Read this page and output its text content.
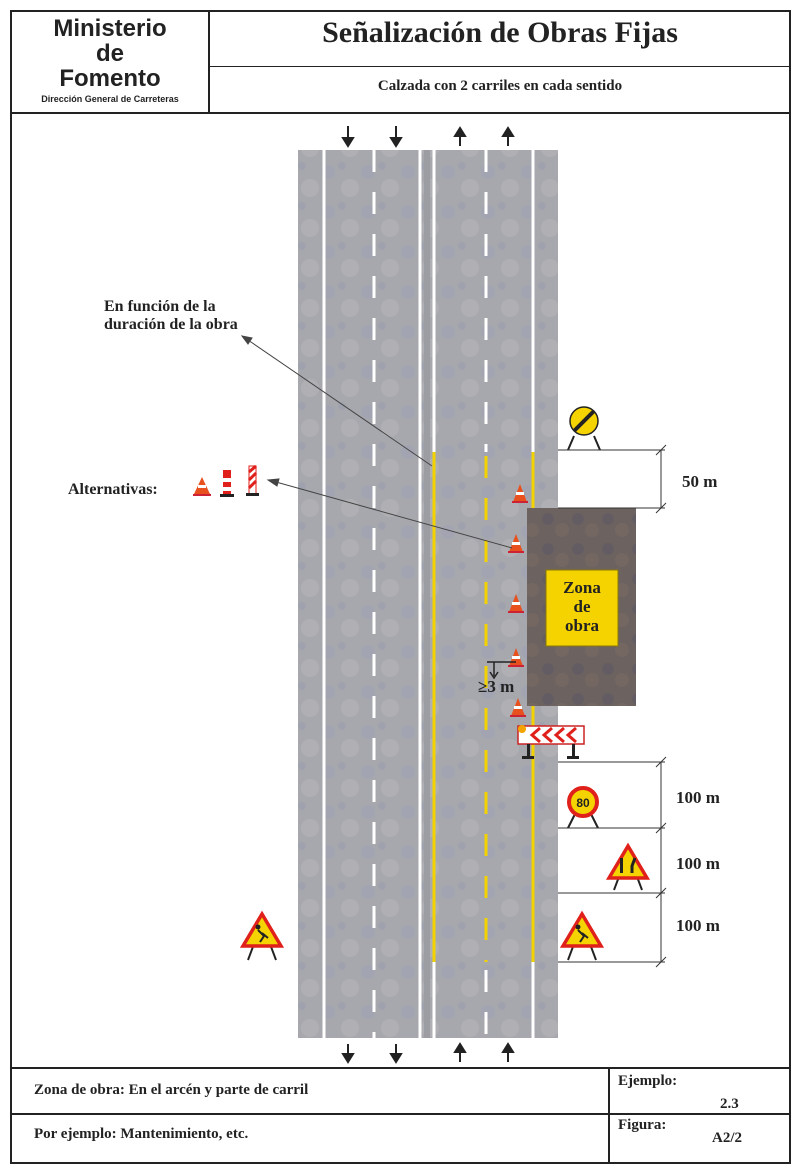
Ministerio
de
Fomento
Dirección General de Carreteras
Señalización de Obras Fijas
Calzada con 2 carriles en cada sentido
Zona de obra: En el arcén y parte de carril
Por ejemplo: Mantenimiento, etc.
Ejemplo:
2.3
Figura:
A2/2
80
En función de la
duración de la obra
Alternativas:
Zona
de
obra
≥3 m
50 m
100 m
100 m
100 m
